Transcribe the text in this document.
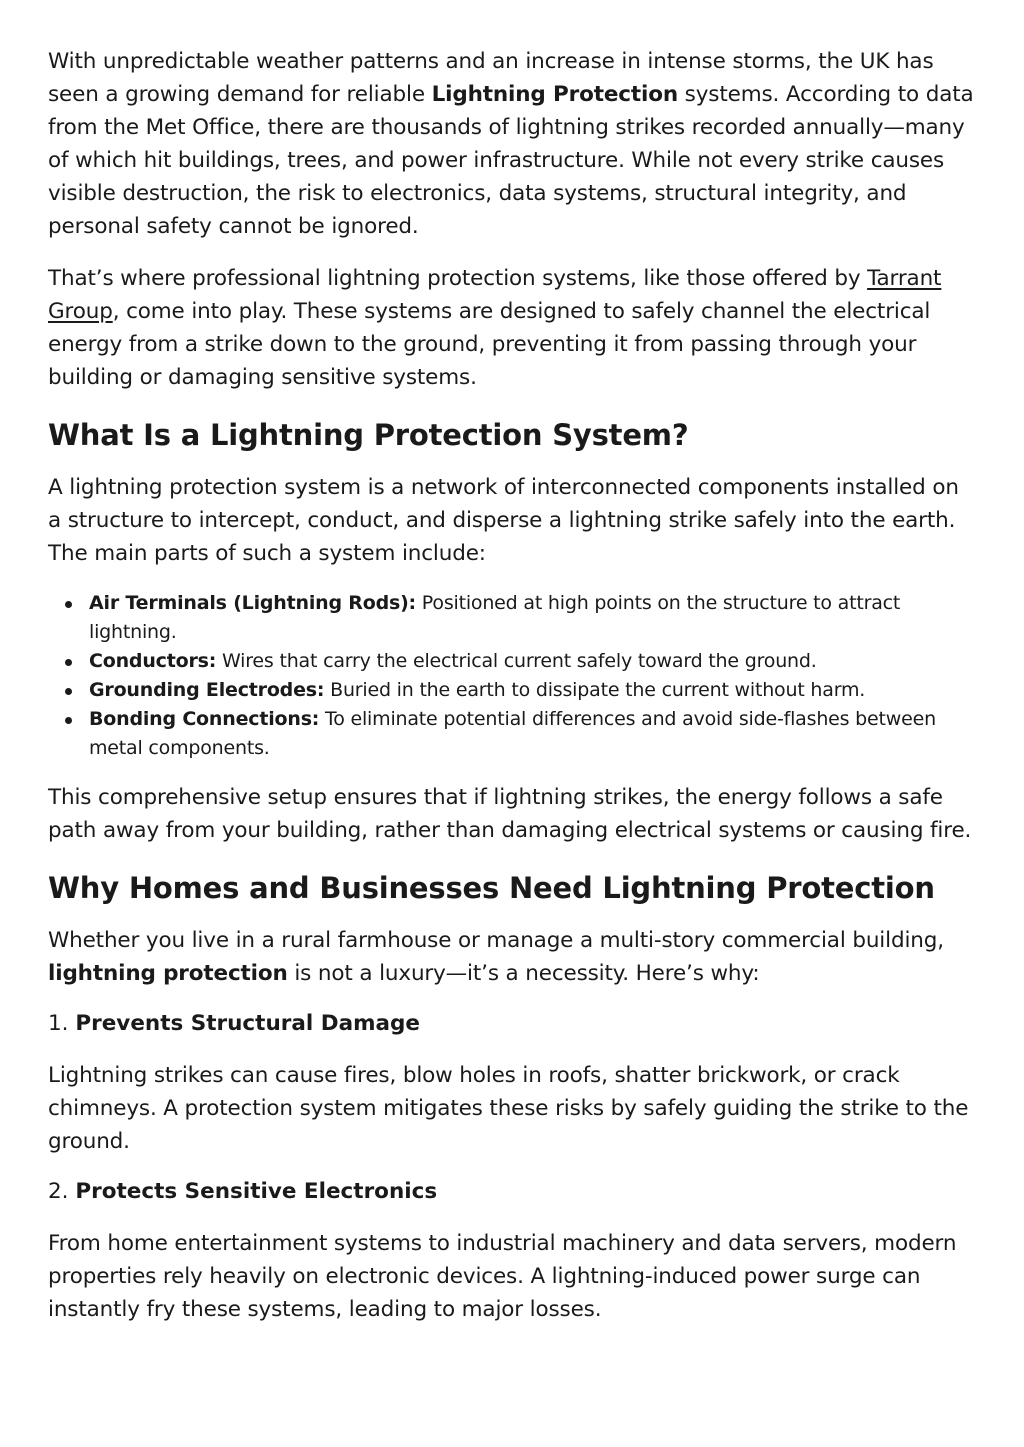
With unpredictable weather patterns and an increase in intense storms, the UK has seen a growing demand for reliable Lightning Protection systems. According to data from the Met Office, there are thousands of lightning strikes recorded annually—many of which hit buildings, trees, and power infrastructure. While not every strike causes visible destruction, the risk to electronics, data systems, structural integrity, and personal safety cannot be ignored.

That’s where professional lightning protection systems, like those offered by Tarrant Group, come into play. These systems are designed to safely channel the electrical energy from a strike down to the ground, preventing it from passing through your building or damaging sensitive systems.

What Is a Lightning Protection System?

A lightning protection system is a network of interconnected components installed on a structure to intercept, conduct, and disperse a lightning strike safely into the earth. The main parts of such a system include:

Air Terminals (Lightning Rods): Positioned at high points on the structure to attract lightning.
Conductors: Wires that carry the electrical current safely toward the ground.
Grounding Electrodes: Buried in the earth to dissipate the current without harm.
Bonding Connections: To eliminate potential differences and avoid side-flashes between metal components.

This comprehensive setup ensures that if lightning strikes, the energy follows a safe path away from your building, rather than damaging electrical systems or causing fire.

Why Homes and Businesses Need Lightning Protection

Whether you live in a rural farmhouse or manage a multi-story commercial building, lightning protection is not a luxury—it’s a necessity. Here’s why:

1. Prevents Structural Damage

Lightning strikes can cause fires, blow holes in roofs, shatter brickwork, or crack chimneys. A protection system mitigates these risks by safely guiding the strike to the ground.

2. Protects Sensitive Electronics

From home entertainment systems to industrial machinery and data servers, modern properties rely heavily on electronic devices. A lightning-induced power surge can instantly fry these systems, leading to major losses.
